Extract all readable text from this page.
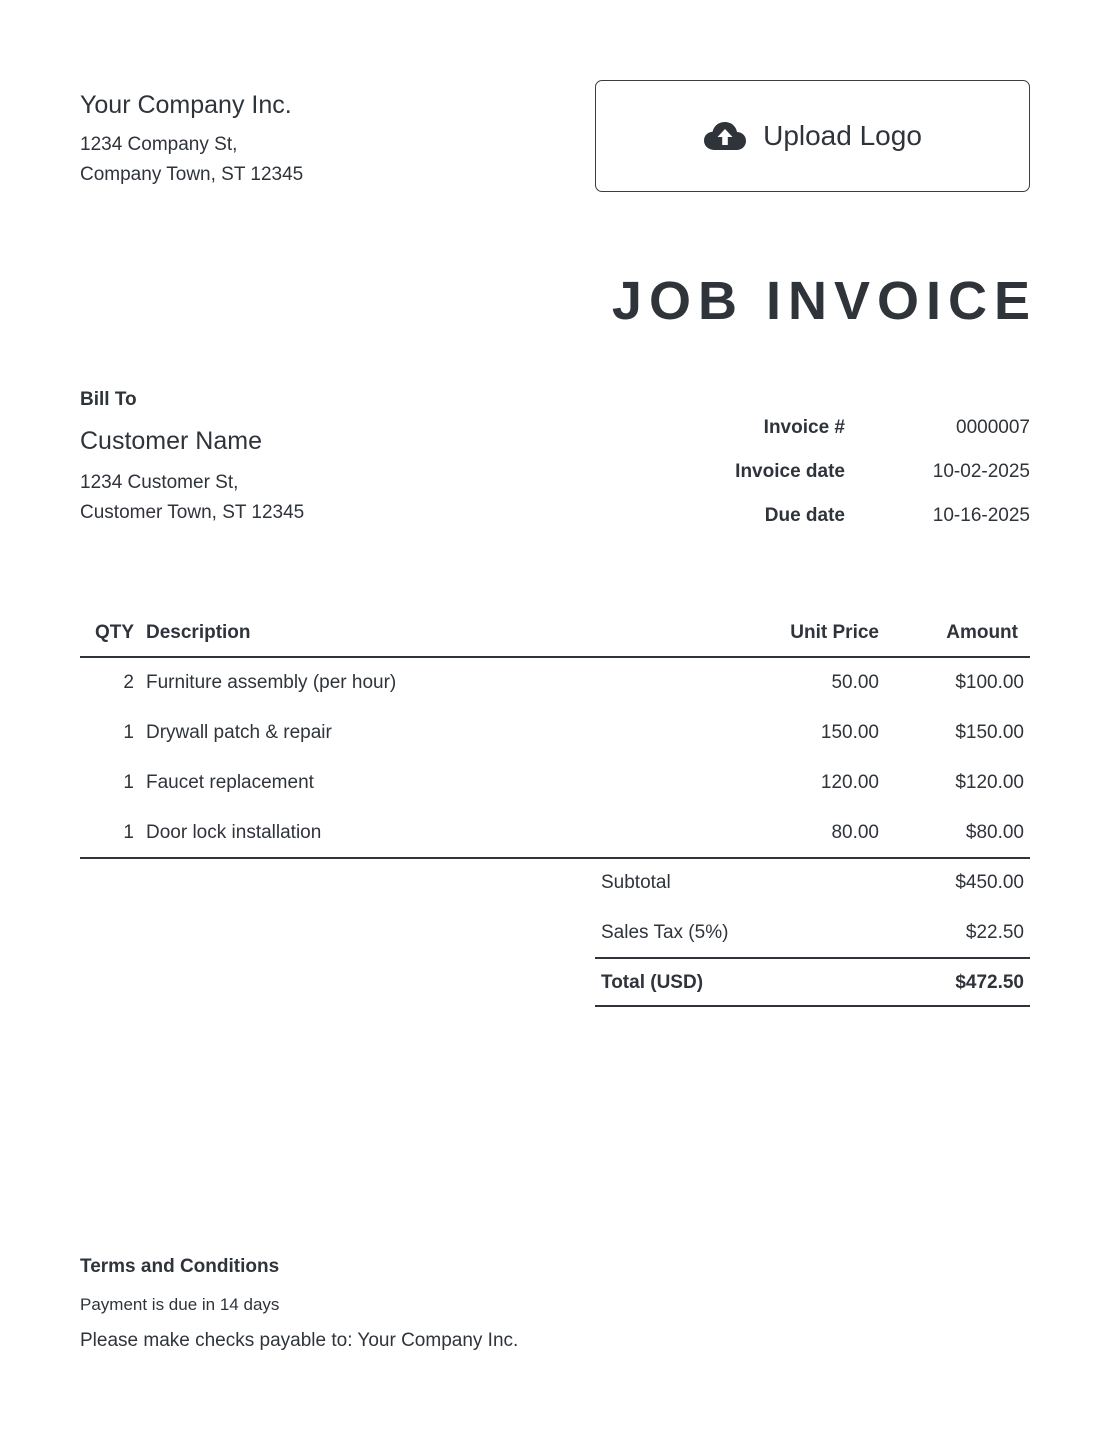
Your Company Inc.
1234 Company St,
Company Town, ST 12345
Upload Logo
JOB INVOICE
Bill To
Customer Name
1234 Customer St,
Customer Town, ST 12345
Invoice #	0000007
Invoice date	10-02-2025
Due date	10-16-2025
QTY Description	Unit Price	Amount
2 Furniture assembly (per hour)	50.00	$100.00
1 Drywall patch & repair	150.00	$150.00
1 Faucet replacement	120.00	$120.00
1 Door lock installation	80.00	$80.00
Subtotal	$450.00
Sales Tax (5%)	$22.50
Total (USD)	$472.50
Terms and Conditions
Payment is due in 14 days
Please make checks payable to: Your Company Inc.
